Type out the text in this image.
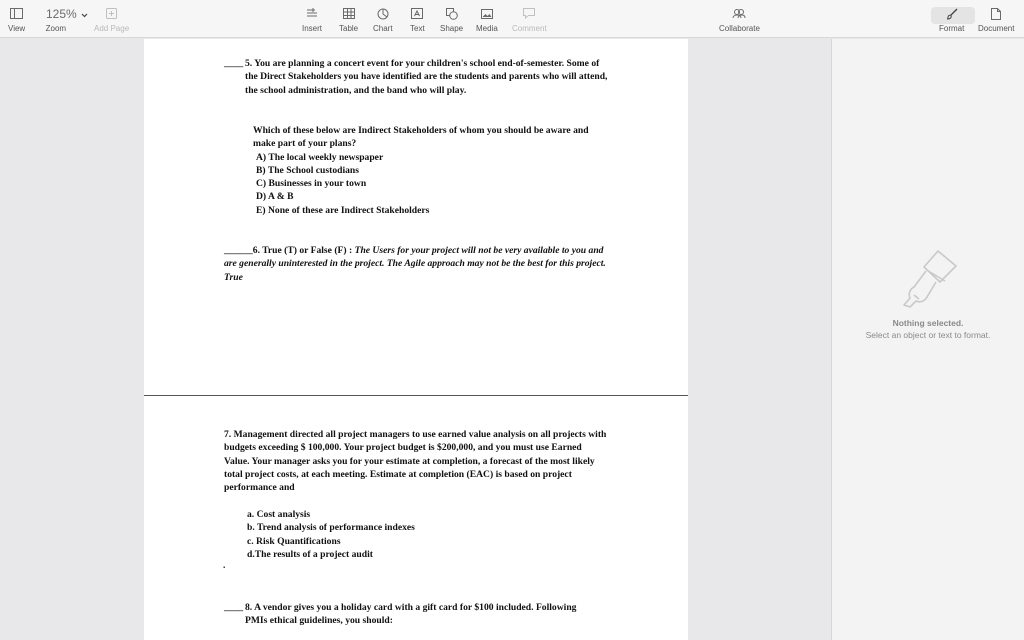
View
125%
Zoom	Add Page	Insert Table Chart Text Shape Media Comment	Collaborate	Format Document
____ 5. You are planning a concert event for your children's school end-of-semester. Some of the Direct Stakeholders you have identified are the students and parents who will attend, the school administration, and the band who will play.
Which of these below are Indirect Stakeholders of whom you should be aware and make part of your plans?
A) The local weekly newspaper
B) The School custodians
C) Businesses in your town
D) A & B
E) None of these are Indirect Stakeholders
______6. True (T) or False (F) : The Users for your project will not be very available to you and are generally uninterested in the project. The Agile approach may not be the best for this project. True
7. Management directed all project managers to use earned value analysis on all projects with budgets exceeding $ 100,000. Your project budget is $200,000, and you must use Earned Value. Your manager asks you for your estimate at completion, a forecast of the most likely total project costs, at each meeting. Estimate at completion (EAC) is based on project performance and
a. Cost analysis
b. Trend analysis of performance indexes
c. Risk Quantifications
d.The results of a project audit
.
____ 8. A vendor gives you a holiday card with a gift card for $100 included. Following PMIs ethical guidelines, you should:
Nothing selected.
Select an object or text to format.
